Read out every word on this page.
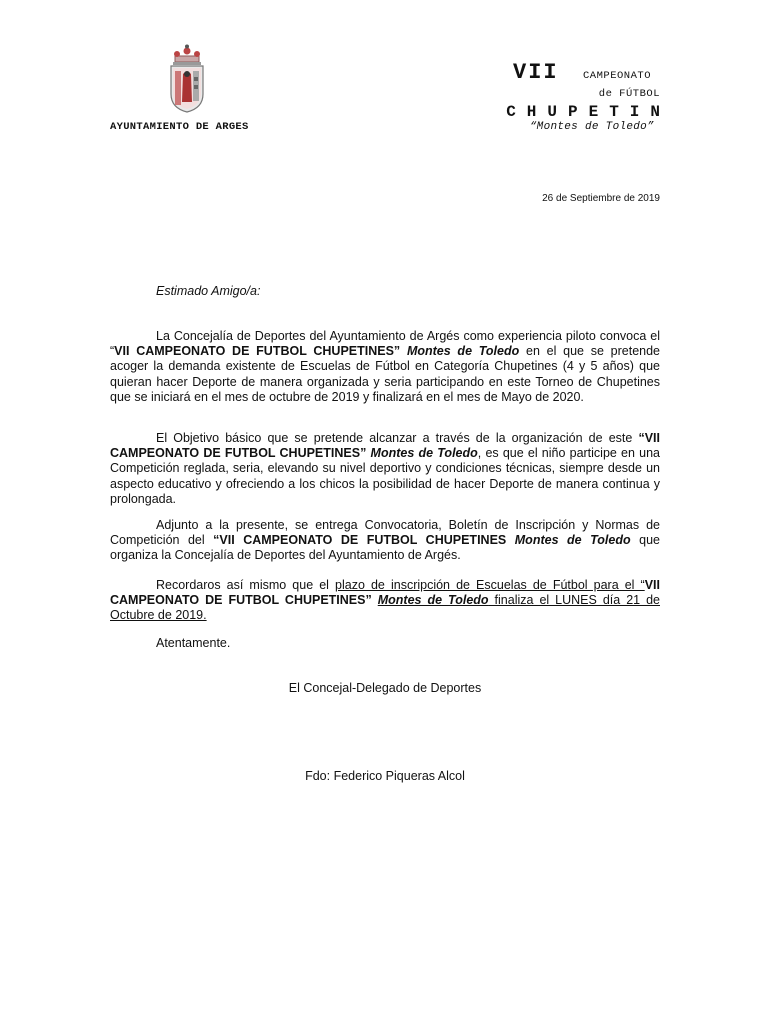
AYUNTAMIENTO DE ARGES
VII CAMPEONATO
de FÚTBOL
CHUPETIN
“Montes de Toledo”
26 de Septiembre de 2019
Estimado Amigo/a:
La Concejalía de Deportes del Ayuntamiento de Argés como experiencia piloto convoca el “VII CAMPEONATO DE FUTBOL CHUPETINES” Montes de Toledo en el que se pretende acoger la demanda existente de Escuelas de Fútbol en Categoría Chupetines (4 y 5 años) que quieran hacer Deporte de manera organizada y seria participando en este Torneo de Chupetines que se iniciará en el mes de octubre de 2019 y finalizará en el mes de Mayo de 2020.
El Objetivo básico que se pretende alcanzar a través de la organización de este “VII CAMPEONATO DE FUTBOL CHUPETINES” Montes de Toledo, es que el niño participe en una Competición reglada, seria, elevando su nivel deportivo y condiciones técnicas, siempre desde un aspecto educativo y ofreciendo a los chicos la posibilidad de hacer Deporte de manera continua y prolongada.
Adjunto a la presente, se entrega Convocatoria, Boletín de Inscripción y Normas de Competición del “VII CAMPEONATO DE FUTBOL CHUPETINES Montes de Toledo que organiza la Concejalía de Deportes del Ayuntamiento de Argés.
Recordaros así mismo que el plazo de inscripción de Escuelas de Fútbol para el “VII CAMPEONATO DE FUTBOL CHUPETINES” Montes de Toledo finaliza el LUNES día 21 de Octubre de 2019.
Atentamente.
El Concejal-Delegado de Deportes
Fdo: Federico Piqueras Alcol
